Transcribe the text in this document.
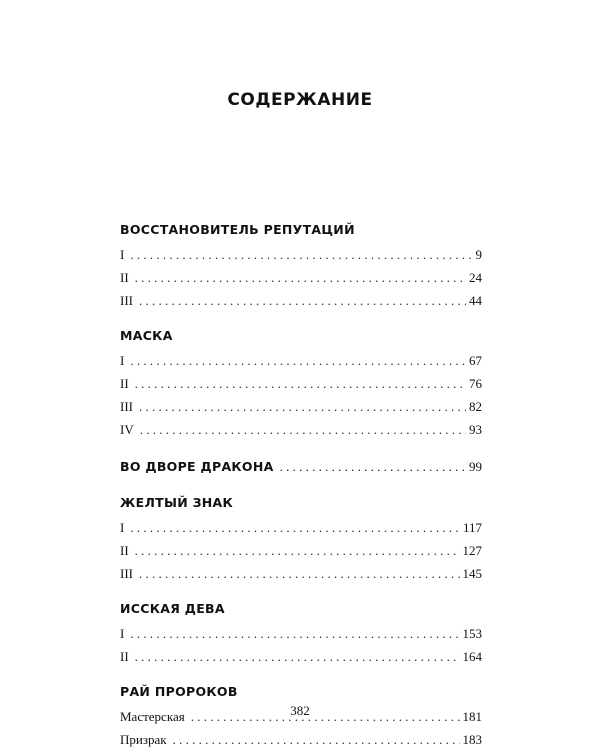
СОДЕРЖАНИЕ
ВОССТАНОВИТЕЛЬ РЕПУТАЦИЙ
I . . .	9
II . . .	24
III . . .	44
МАСКА
I . . .	67
II . . .	76
III . . .	82
IV . . .	93
ВО ДВОРЕ ДРАКОНА . . .	99
ЖЕЛТЫЙ ЗНАК
I . . .	117
II . . .	127
III . . .	145
ИССКАЯ ДЕВА
I . . .	153
II . . .	164
РАЙ ПРОРОКОВ
Мастерская . . .	181
Призрак . . .	183
382
